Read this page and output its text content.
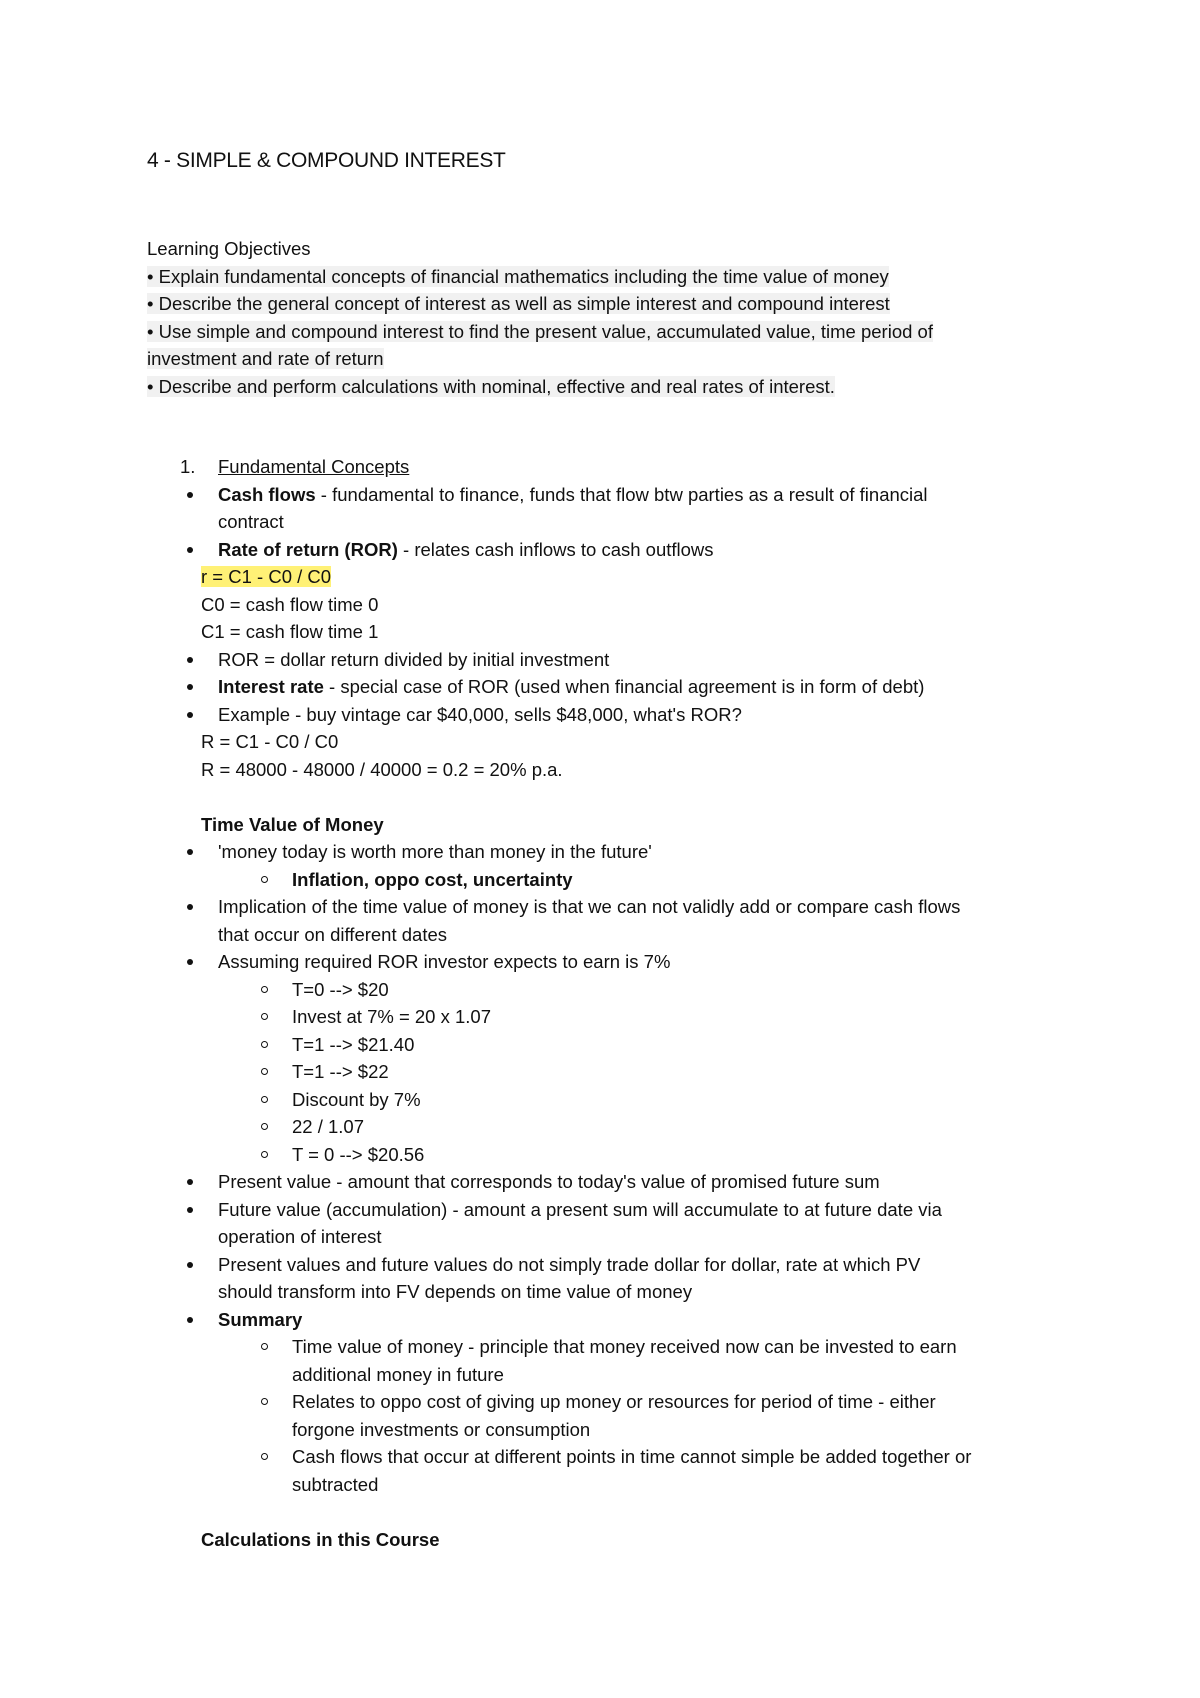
4 - SIMPLE & COMPOUND INTEREST
Learning Objectives
• Explain fundamental concepts of financial mathematics including the time value of money
• Describe the general concept of interest as well as simple interest and compound interest
• Use simple and compound interest to find the present value, accumulated value, time period of
investment and rate of return
• Describe and perform calculations with nominal, effective and real rates of interest.
1.	Fundamental Concepts
Cash flows - fundamental to finance, funds that flow btw parties as a result of financial
contract
Rate of return (ROR) - relates cash inflows to cash outflows
r = C1 - C0 / C0
C0 = cash flow time 0
C1 = cash flow time 1
ROR = dollar return divided by initial investment
Interest rate - special case of ROR (used when financial agreement is in form of debt)
Example - buy vintage car $40,000, sells $48,000, what's ROR?
R = C1 - C0 / C0
R = 48000 - 48000 / 40000 = 0.2 = 20% p.a.
Time Value of Money
'money today is worth more than money in the future'
Inflation, oppo cost, uncertainty
Implication of the time value of money is that we can not validly add or compare cash flows
that occur on different dates
Assuming required ROR investor expects to earn is 7%
T=0 --> $20
Invest at 7% = 20 x 1.07
T=1 --> $21.40
T=1 --> $22
Discount by 7%
22 / 1.07
T = 0 --> $20.56
Present value - amount that corresponds to today's value of promised future sum
Future value (accumulation) - amount a present sum will accumulate to at future date via
operation of interest
Present values and future values do not simply trade dollar for dollar, rate at which PV
should transform into FV depends on time value of money
Summary
Time value of money - principle that money received now can be invested to earn
additional money in future
Relates to oppo cost of giving up money or resources for period of time - either
forgone investments or consumption
Cash flows that occur at different points in time cannot simple be added together or
subtracted
Calculations in this Course
